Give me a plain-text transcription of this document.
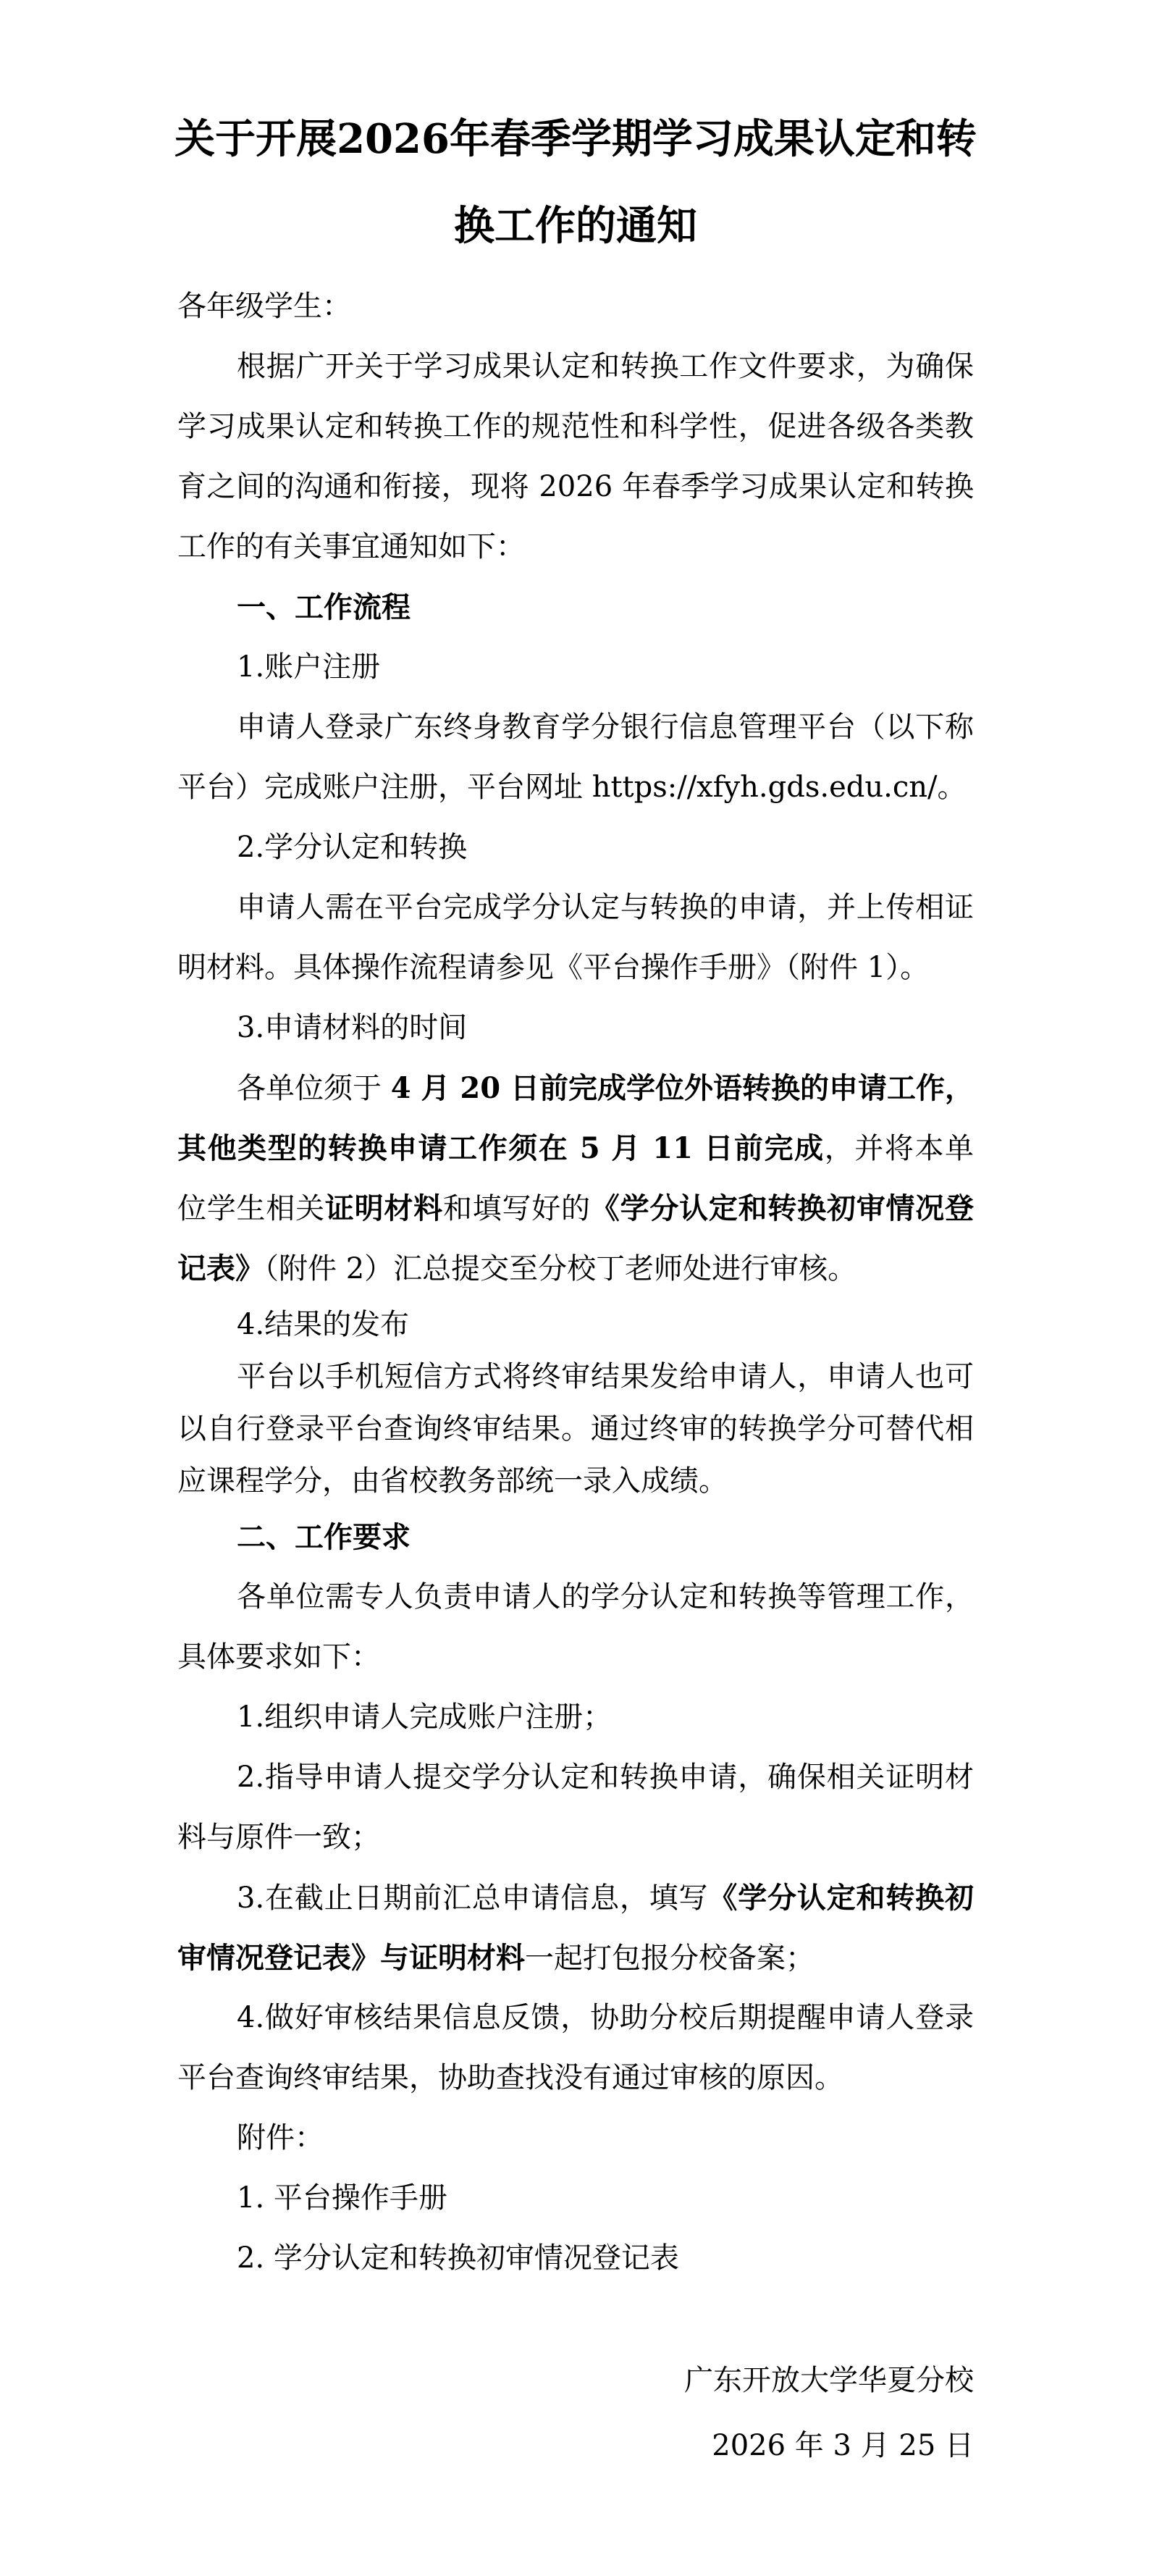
关于开展2026年春季学期学习成果认定和转
换工作的通知
各年级学生：
根据广开关于学习成果认定和转换工作文件要求，为确保
学习成果认定和转换工作的规范性和科学性，促进各级各类教
育之间的沟通和衔接，现将 2026 年春季学习成果认定和转换
工作的有关事宜通知如下：
一、工作流程
1.账户注册
申请人登录广东终身教育学分银行信息管理平台（以下称
平台）完成账户注册，平台网址 https://xfyh.gds.edu.cn/。
2.学分认定和转换
申请人需在平台完成学分认定与转换的申请，并上传相证
明材料。具体操作流程请参见《平台操作手册》（附件 1）。
3.申请材料的时间
各单位须于 4 月 20 日前完成学位外语转换的申请工作，
其他类型的转换申请工作须在 5 月 11 日前完成，并将本单
位学生相关证明材料和填写好的《学分认定和转换初审情况登
记表》（附件 2）汇总提交至分校丁老师处进行审核。
4.结果的发布
平台以手机短信方式将终审结果发给申请人，申请人也可
以自行登录平台查询终审结果。通过终审的转换学分可替代相
应课程学分，由省校教务部统一录入成绩。
二、工作要求
各单位需专人负责申请人的学分认定和转换等管理工作，
具体要求如下：
1.组织申请人完成账户注册；
2.指导申请人提交学分认定和转换申请，确保相关证明材
料与原件一致；
3.在截止日期前汇总申请信息，填写《学分认定和转换初
审情况登记表》与证明材料一起打包报分校备案；
4.做好审核结果信息反馈，协助分校后期提醒申请人登录
平台查询终审结果，协助查找没有通过审核的原因。
附件：
1. 平台操作手册
2. 学分认定和转换初审情况登记表
广东开放大学华夏分校
2026 年 3 月 25 日
